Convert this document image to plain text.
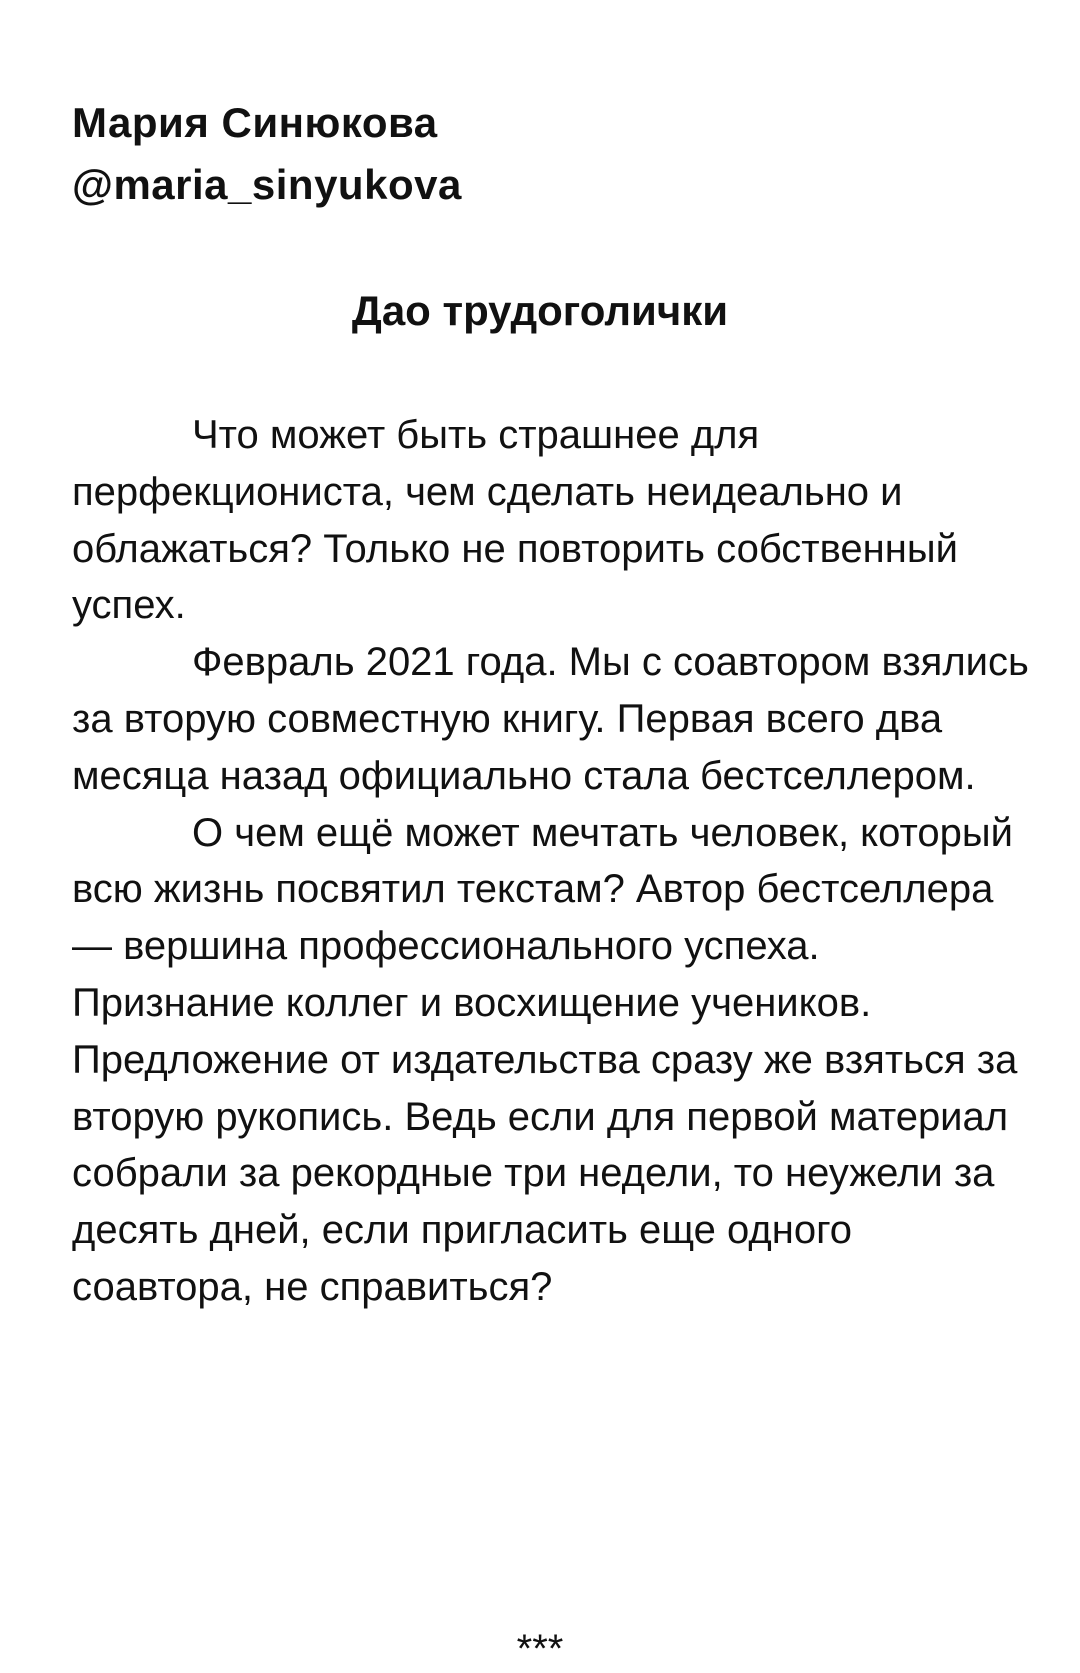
Мария Синюкова
@maria_sinyukova
Дао трудоголички

Что может быть страшнее для перфекциониста, чем сделать неидеально и облажаться? Только не повторить собственный успех.

Февраль 2021 года. Мы с соавтором взялись за вторую совместную книгу. Первая всего два месяца назад официально стала бестселлером.

О чем ещё может мечтать человек, который всю жизнь посвятил текстам? Автор бестселлера — вершина профессионального успеха. Признание коллег и восхищение учеников. Предложение от издательства сразу же взяться за вторую рукопись. Ведь если для первой материал собрали за рекордные три недели, то неужели за десять дней, если пригласить еще одного соавтора, не справиться?

***
